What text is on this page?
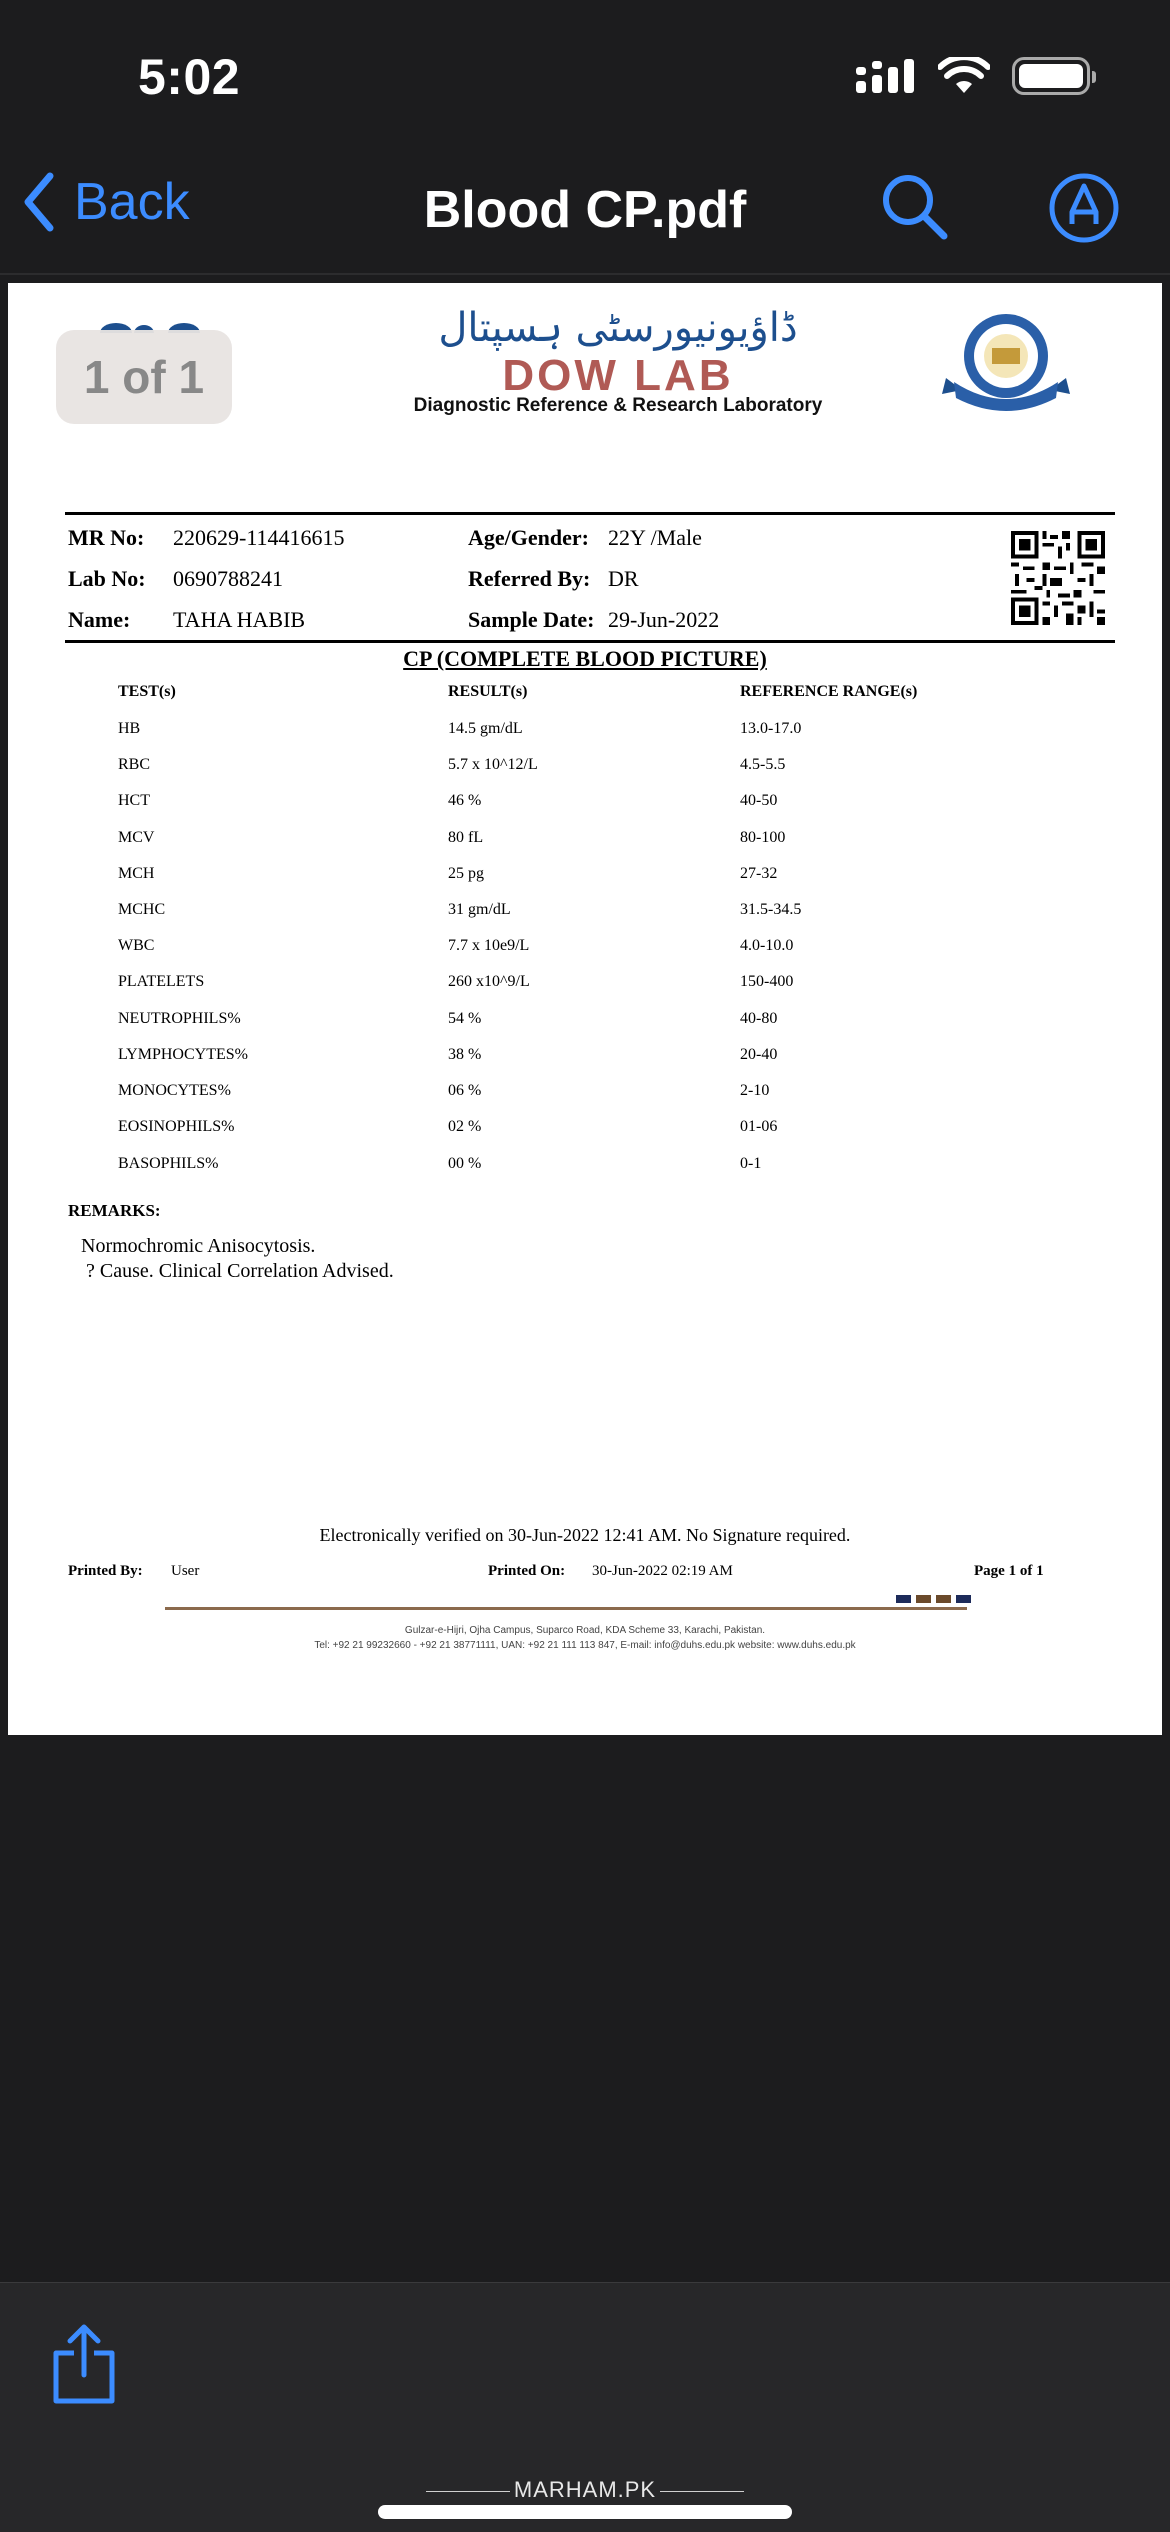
5:02
Back	Blood CP.pdf
1 of 1
ڈاؤیونیورسٹی ہسپتال
DOW LAB
Diagnostic Reference & Research Laboratory
MR No: 220629-114416615
Lab No: 0690788241
Name: TAHA HABIB
Age/Gender: 22Y /Male
Referred By: DR
Sample Date: 29-Jun-2022
CP (COMPLETE BLOOD PICTURE)
TEST(s)	RESULT(s)	REFERENCE RANGE(s)
HB	14.5 gm/dL	13.0-17.0
RBC	5.7 x 10^12/L	4.5-5.5
HCT	46 %	40-50
MCV	80 fL	80-100
MCH	25 pg	27-32
MCHC	31 gm/dL	31.5-34.5
WBC	7.7 x 10e9/L	4.0-10.0
PLATELETS	260 x10^9/L	150-400
NEUTROPHILS%	54 %	40-80
LYMPHOCYTES%	38 %	20-40
MONOCYTES%	06 %	2-10
EOSINOPHILS%	02 %	01-06
BASOPHILS%	00 %	0-1
REMARKS:
Normochromic Anisocytosis.
? Cause. Clinical Correlation Advised.
Electronically verified on 30-Jun-2022 12:41 AM. No Signature required.
Printed By: User	Printed On: 30-Jun-2022 02:19 AM	Page 1 of 1
Gulzar-e-Hijri, Ojha Campus, Suparco Road, KDA Scheme 33, Karachi, Pakistan.
Tel: +92 21 99232660 - +92 21 38771111, UAN: +92 21 111 113 847, E-mail: info@duhs.edu.pk website: www.duhs.edu.pk
MARHAM.PK
